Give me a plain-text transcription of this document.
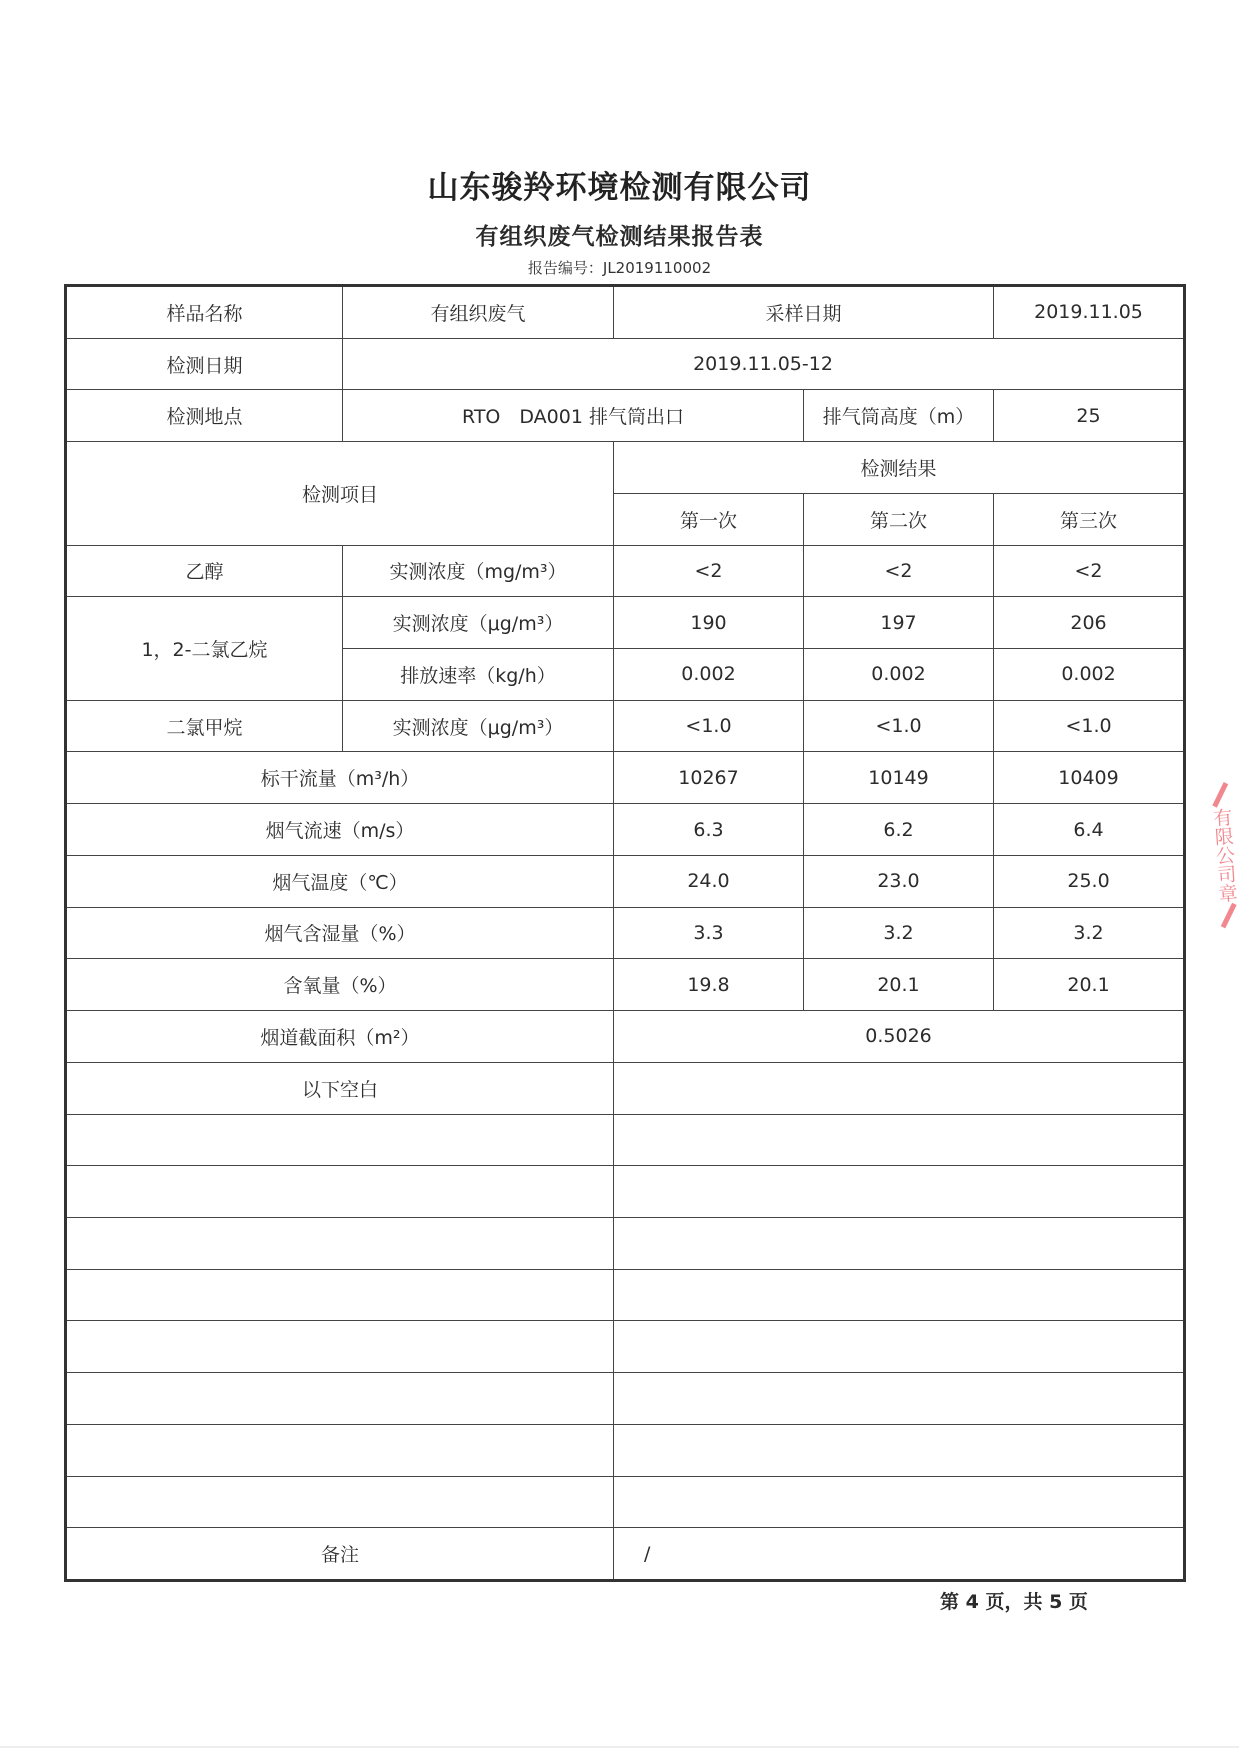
山东骏羚环境检测有限公司
有组织废气检测结果报告表
报告编号：JL2019110002
样品名称	有组织废气	采样日期		2019.11.05
检测日期	2019.11.05-12			
检测地点	RTO　DA001 排气筒出口		排气筒高度（m）	25
检测项目		检测结果		
		第一次	第二次	第三次
乙醇	实测浓度（mg/m³）	<2	<2	<2
1，2-二氯乙烷	实测浓度（μg/m³）	190	197	206
	排放速率（kg/h）	0.002	0.002	0.002
二氯甲烷	实测浓度（μg/m³）	<1.0	<1.0	<1.0
标干流量（m³/h）		10267	10149	10409
烟气流速（m/s）		6.3	6.2	6.4
烟气温度（℃）		24.0	23.0	25.0
烟气含湿量（%）		3.3	3.2	3.2
含氧量（%）		19.8	20.1	20.1
烟道截面积（m²）		0.5026		
以下空白				

备注		/		
第 4 页，共 5 页
有限公司章
